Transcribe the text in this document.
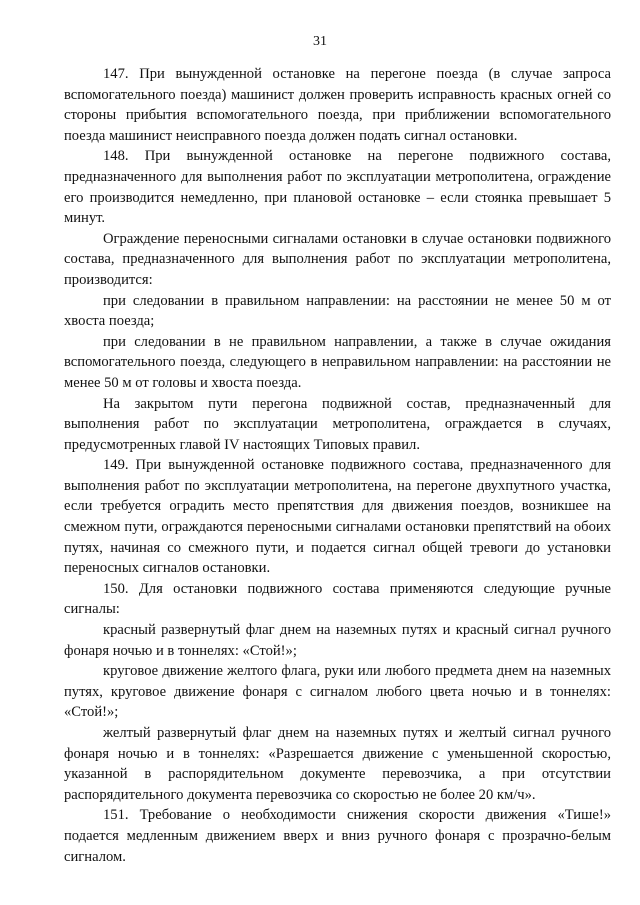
31

147. При вынужденной остановке на перегоне поезда (в случае запроса вспомогательного поезда) машинист должен проверить исправность красных огней со стороны прибытия вспомогательного поезда, при приближении вспомогательного поезда машинист неисправного поезда должен подать сигнал остановки.

148. При вынужденной остановке на перегоне подвижного состава, предназначенного для выполнения работ по эксплуатации метрополитена, ограждение его производится немедленно, при плановой остановке – если стоянка превышает 5 минут.

Ограждение переносными сигналами остановки в случае остановки подвижного состава, предназначенного для выполнения работ по эксплуатации метрополитена, производится:

при следовании в правильном направлении: на расстоянии не менее 50 м от хвоста поезда;

при следовании в не правильном направлении, а также в случае ожидания вспомогательного поезда, следующего в неправильном направлении: на расстоянии не менее 50 м от головы и хвоста поезда.

На закрытом пути перегона подвижной состав, предназначенный для выполнения работ по эксплуатации метрополитена, ограждается в случаях, предусмотренных главой IV настоящих Типовых правил.

149. При вынужденной остановке подвижного состава, предназначенного для выполнения работ по эксплуатации метрополитена, на перегоне двухпутного участка, если требуется оградить место препятствия для движения поездов, возникшее на смежном пути, ограждаются переносными сигналами остановки препятствий на обоих путях, начиная со смежного пути, и подается сигнал общей тревоги до установки переносных сигналов остановки.

150. Для остановки подвижного состава применяются следующие ручные сигналы:

красный развернутый флаг днем на наземных путях и красный сигнал ручного фонаря ночью и в тоннелях: «Стой!»;

круговое движение желтого флага, руки или любого предмета днем на наземных путях, круговое движение фонаря с сигналом любого цвета ночью и в тоннелях: «Стой!»;

желтый развернутый флаг днем на наземных путях и желтый сигнал ручного фонаря ночью и в тоннелях: «Разрешается движение с уменьшенной скоростью, указанной в распорядительном документе перевозчика, а при отсутствии распорядительного документа перевозчика со скоростью не более 20 км/ч».

151. Требование о необходимости снижения скорости движения «Тише!» подается медленным движением вверх и вниз ручного фонаря с прозрачно-белым сигналом.
